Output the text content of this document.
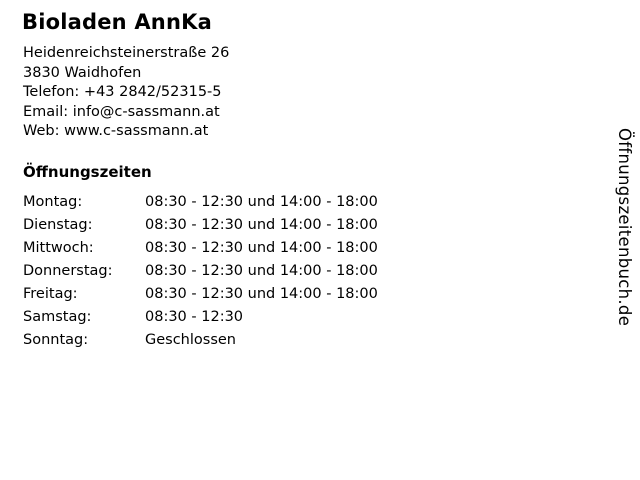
Bioladen AnnKa
Heidenreichsteinerstraße 26
3830 Waidhofen
Telefon: +43 2842/52315-5
Email: info@c-sassmann.at
Web: www.c-sassmann.at
Öffnungszeiten
Montag:	08:30 - 12:30 und 14:00 - 18:00
Dienstag:	08:30 - 12:30 und 14:00 - 18:00
Mittwoch:	08:30 - 12:30 und 14:00 - 18:00
Donnerstag:	08:30 - 12:30 und 14:00 - 18:00
Freitag:	08:30 - 12:30 und 14:00 - 18:00
Samstag:	08:30 - 12:30
Sonntag:	Geschlossen
Öffnungszeitenbuch.de
